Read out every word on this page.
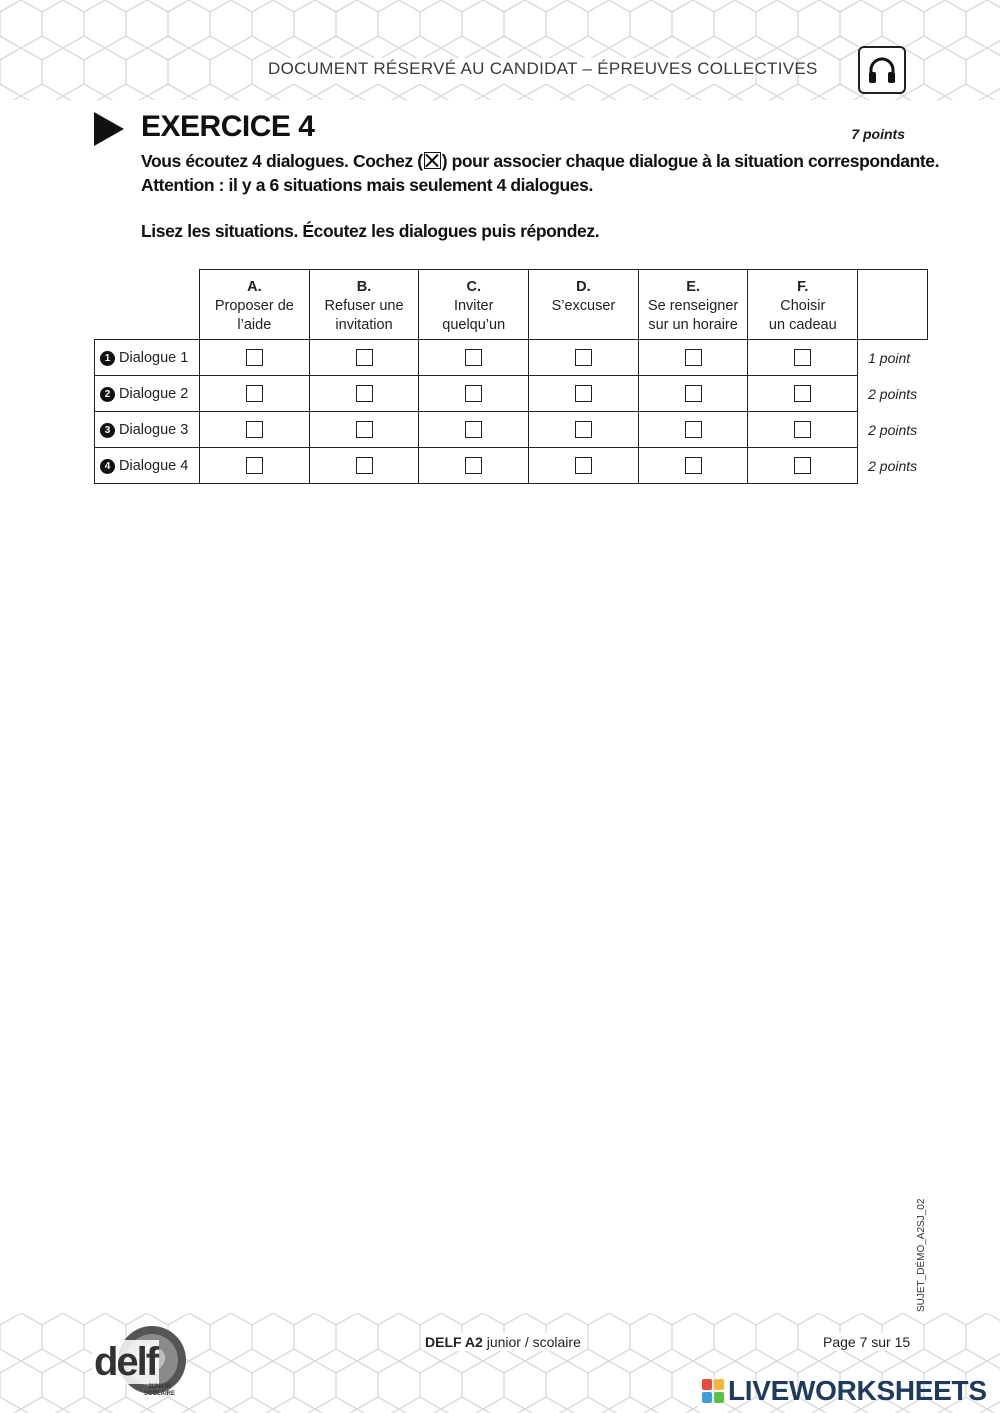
DOCUMENT RÉSERVÉ AU CANDIDAT – ÉPREUVES COLLECTIVES
EXERCICE 4	7 points
Vous écoutez 4 dialogues. Cochez ( ) pour associer chaque dialogue à la situation correspondante.
Attention : il y a 6 situations mais seulement 4 dialogues.
Lisez les situations. Écoutez les dialogues puis répondez.

	A.
Proposer de
l’aide	B.
Refuser une
invitation	C.
Inviter
quelqu’un	D.
S’excuser	E.
Se renseigner
sur un horaire	F.
Choisir
un cadeau	
1 Dialogue 1							1 point
2 Dialogue 2							2 points
3 Dialogue 3							2 points
4 Dialogue 4							2 points
SUJET_DÉMO_A2SJ_02
delf
JUNIOR
SCOLAIRE
DELF A2 junior / scolaire	Page 7 sur 15
LIVEWORKSHEETS
